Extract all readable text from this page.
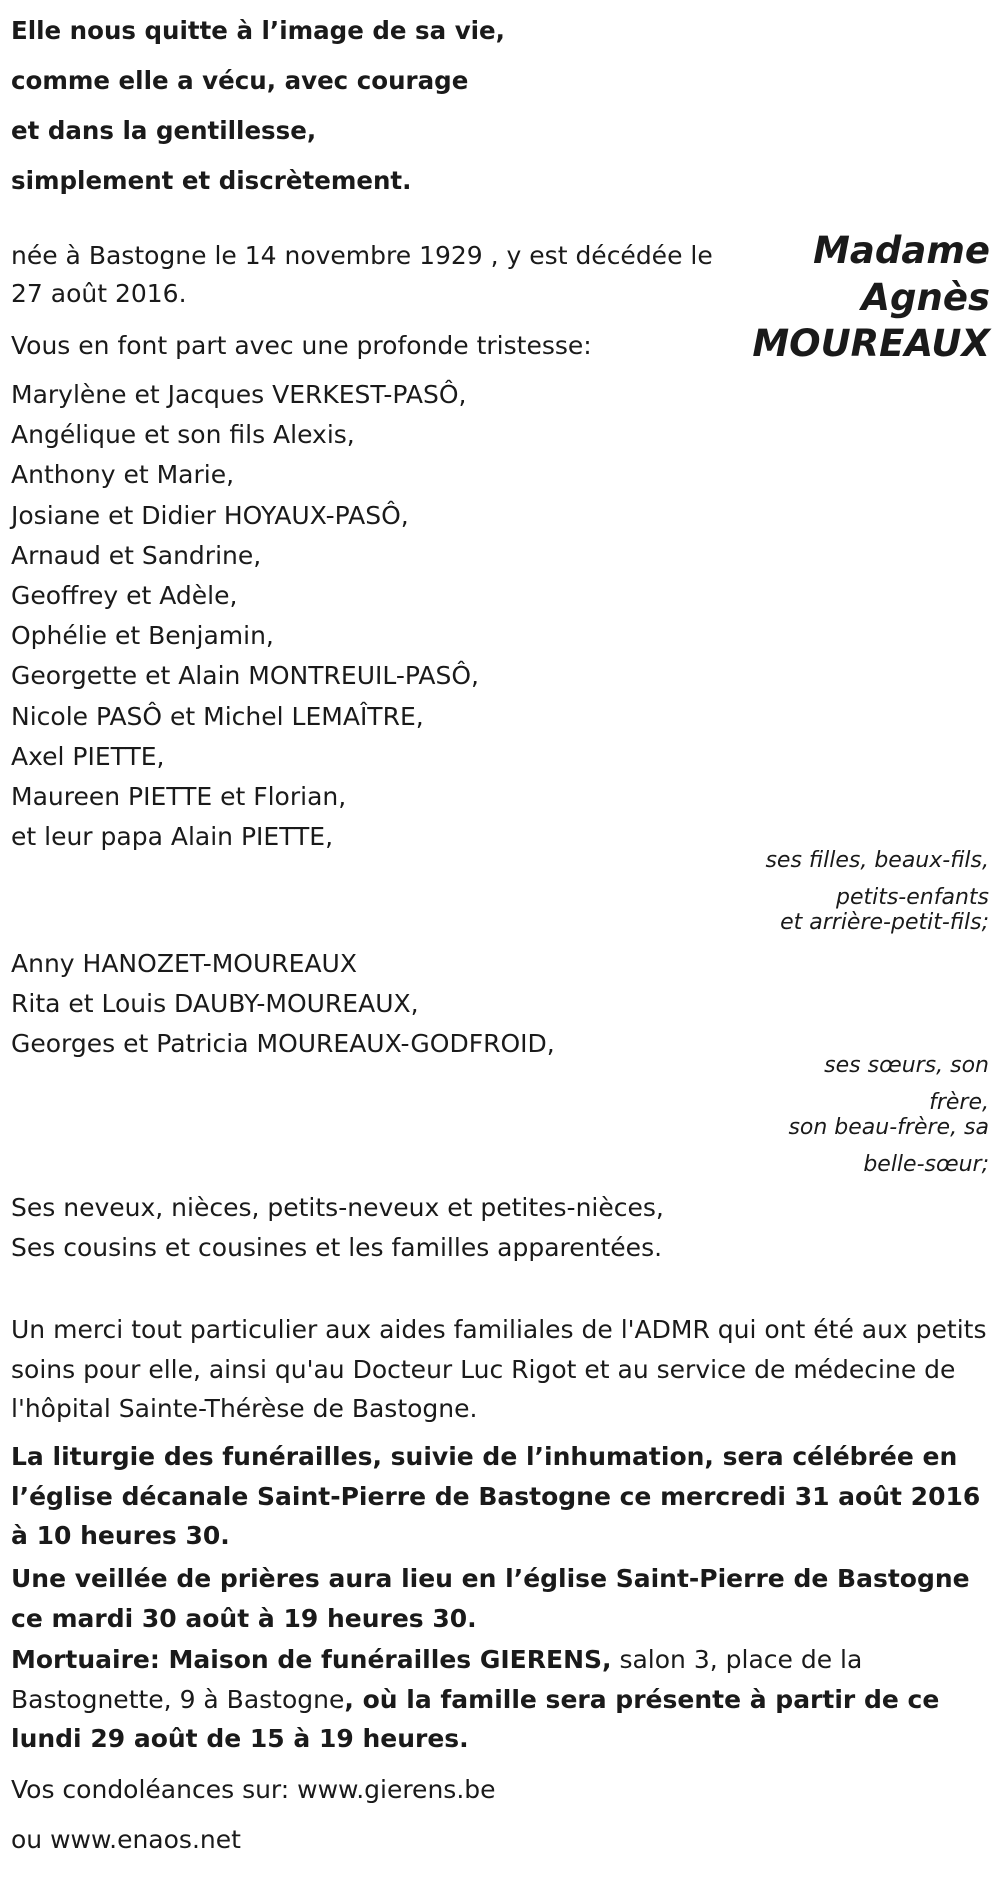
Elle nous quitte à l’image de sa vie,
comme elle a vécu, avec courage
et dans la gentillesse,
simplement et discrètement.
Madame
Agnès
MOUREAUX
née à Bastogne le 14 novembre 1929 , y est décédée le
27 août 2016.

Vous en font part avec une profonde tristesse:

Marylène et Jacques VERKEST-PASÔ,
Angélique et son fils Alexis,
Anthony et Marie,
Josiane et Didier HOYAUX-PASÔ,
Arnaud et Sandrine,
Geoffrey et Adèle,
Ophélie et Benjamin,
Georgette et Alain MONTREUIL-PASÔ,
Nicole PASÔ et Michel LEMAÎTRE,
Axel PIETTE,
Maureen PIETTE et Florian,
et leur papa Alain PIETTE,
ses filles, beaux-fils,
petits-enfants
et arrière-petit-fils;
Anny HANOZET-MOUREAUX
Rita et Louis DAUBY-MOUREAUX,
Georges et Patricia MOUREAUX-GODFROID,
ses sœurs, son
frère,
son beau-frère, sa
belle-sœur;
Ses neveux, nièces, petits-neveux et petites-nièces,
Ses cousins et cousines et les familles apparentées.

Un merci tout particulier aux aides familiales de l'ADMR qui ont été aux petits soins pour elle, ainsi qu'au Docteur Luc Rigot et au service de médecine de l'hôpital Sainte-Thérèse de Bastogne.

La liturgie des funérailles, suivie de l’inhumation, sera célébrée en l’église décanale Saint-Pierre de Bastogne ce mercredi 31 août 2016 à 10 heures 30.

Une veillée de prières aura lieu en l’église Saint-Pierre de Bastogne ce mardi 30 août à 19 heures 30.

Mortuaire: Maison de funérailles GIERENS, salon 3, place de la Bastognette, 9 à Bastogne, où la famille sera présente à partir de ce lundi 29 août de 15 à 19 heures.

Vos condoléances sur: www.gierens.be
ou www.enaos.net
